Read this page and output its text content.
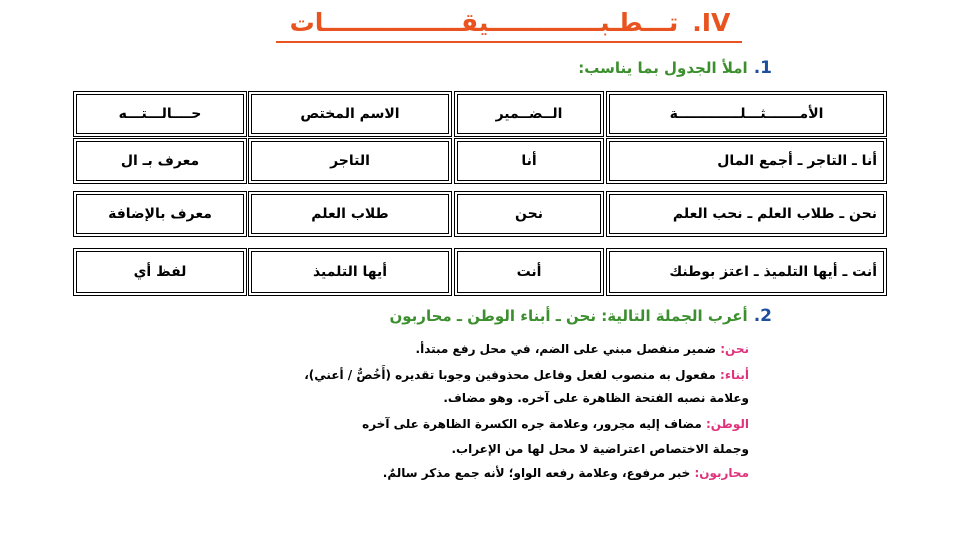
IV.
تـــطـبـــــــــــــيقــــــــــــــــات
1.املأ الجدول بما يناسب:
الأمـــــــثـــلـــــــــــــة
الــضــمير
الاسم المختص
حــــالـــتـــه
أنا ـ التاجر ـ أجمع المال
أنا
التاجر
معرف بـ ال
نحن ـ طلاب العلم ـ نحب العلم
نحن
طلاب العلم
معرف بالإضافة
أنت ـ أيها التلميذ ـ اعتز بوطنك
أنت
أيها التلميذ
لفظ أي
2.أعرب الجملة التالية: نحن ـ أبناء الوطن ـ محاربون
نحن: ضمير منفصل مبني على الضم، في محل رفع مبتدأ.
أبناء: مفعول به منصوب لفعل وفاعل محذوفين وجوبا تقديره (أَخُصُّ / أعني)،
وعلامة نصبه الفتحة الظاهرة على آخره. وهو مضاف.
الوطن: مضاف إليه مجرور، وعلامة جره الكسرة الظاهرة على آخره
وجملة الاختصاص اعتراضية لا محل لها من الإعراب.
محاربون: خبر مرفوع، وعلامة رفعه الواو؛ لأنه جمع مذكر سالمٌ.
